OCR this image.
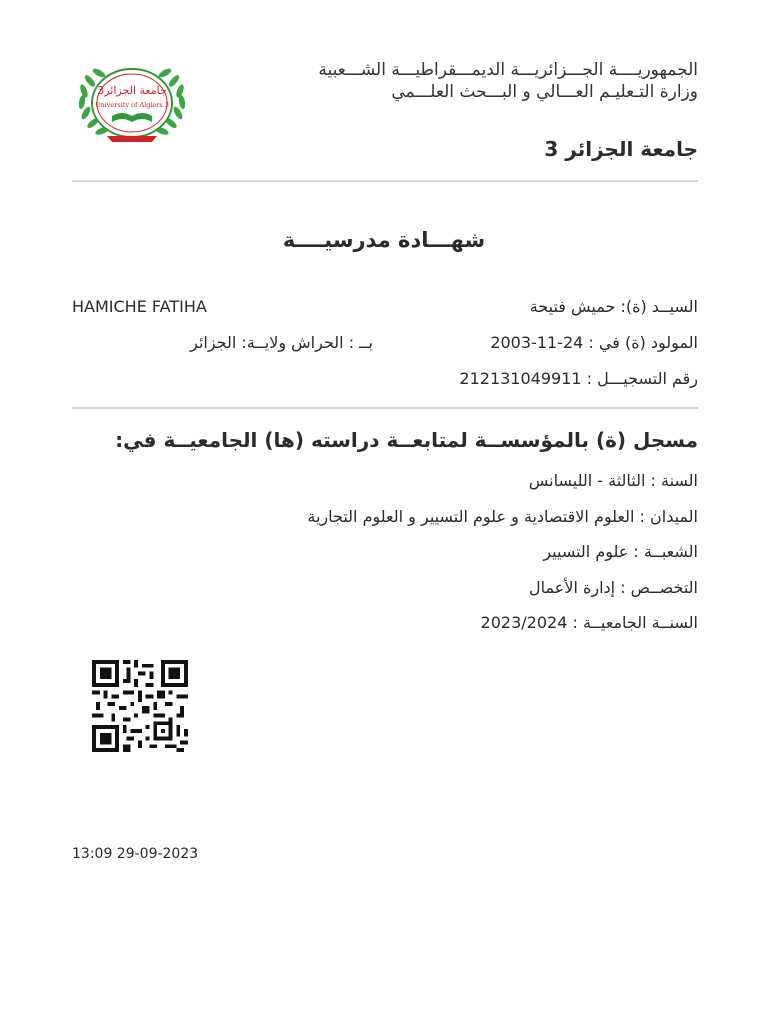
جامعة الجزائر3
University of Algiers 3
الجمهوريــــة الجـــزائريـــة الديمـــقراطيـــة الشـــعبية
وزارة التـعليـم العـــالي و البـــحث العلـــمي
جامعة الجزائر 3
شهـــادة مدرسيــــة
السيــد (ة): حميش فتيحة
HAMICHE FATIHA
المولود (ة) في : 24-11-2003
بــ : الحراش ولايــة: الجزائر
رقم التسجيـــل : 212131049911
مسجل (ة) بالمؤسســة لمتابعــة دراسته (ها) الجامعيــة في:
السنة : الثالثة - الليسانس
الميدان : العلوم الاقتصادية و علوم التسيير و العلوم التجارية
الشعبــة : علوم التسيير
التخصــص : إدارة الأعمال
السنــة الجامعيــة : 2023/2024
13:09 29-09-2023
